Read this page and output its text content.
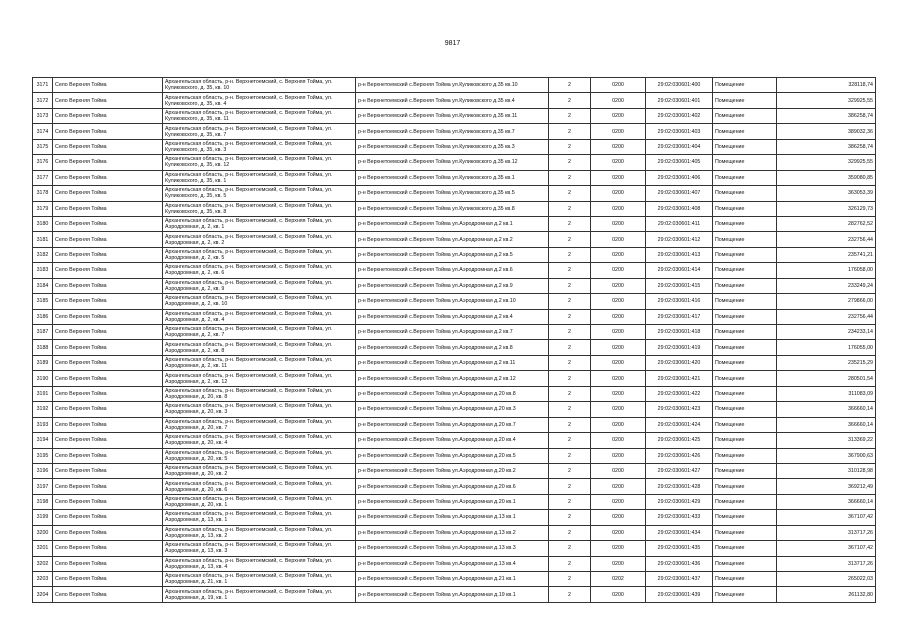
9817
3171	Село Верхняя Тойма	Архангельская область, р-н. Верхнетоемский, с. Верхняя Тойма, ул. Куликовского, д. 35, кв. 10	р-н Верхнетоемский с.Верхняя Тойма ул.Куликовского д.35 кв.10	2	0200	29:02:030601:400	Помещение	328118,74
3172	Село Верхняя Тойма	Архангельская область, р-н. Верхнетоемский, с. Верхняя Тойма, ул. Куликовского, д. 35, кв. 4	р-н Верхнетоемский с.Верхняя Тойма ул.Куликовского д.35 кв.4	2	0200	29:02:030601:401	Помещение	329925,55
3173	Село Верхняя Тойма	Архангельская область, р-н. Верхнетоемский, с. Верхняя Тойма, ул. Куликовского, д. 35, кв. 11	р-н Верхнетоемский с.Верхняя Тойма ул.Куликовского д.35 кв.11	2	0200	29:02:030601:402	Помещение	386258,74
3174	Село Верхняя Тойма	Архангельская область, р-н. Верхнетоемский, с. Верхняя Тойма, ул. Куликовского, д. 35, кв. 7	р-н Верхнетоемский с.Верхняя Тойма ул.Куликовского д.35 кв.7	2	0200	29:02:030601:403	Помещение	389032,36
3175	Село Верхняя Тойма	Архангельская область, р-н. Верхнетоемский, с. Верхняя Тойма, ул. Куликовского, д. 35, кв. 3	р-н Верхнетоемский с.Верхняя Тойма ул.Куликовского д.35 кв.3	2	0200	29:02:030601:404	Помещение	386258,74
3176	Село Верхняя Тойма	Архангельская область, р-н. Верхнетоемский, с. Верхняя Тойма, ул. Куликовского, д. 35, кв. 12	р-н Верхнетоемский с.Верхняя Тойма ул.Куликовского д.35 кв.12	2	0200	29:02:030601:405	Помещение	329925,55
3177	Село Верхняя Тойма	Архангельская область, р-н. Верхнетоемский, с. Верхняя Тойма, ул. Куликовского, д. 35, кв. 1	р-н Верхнетоемский с.Верхняя Тойма ул.Куликовского д.35 кв.1	2	0200	29:02:030601:406	Помещение	359080,85
3178	Село Верхняя Тойма	Архангельская область, р-н. Верхнетоемский, с. Верхняя Тойма, ул. Куликовского, д. 35, кв. 5	р-н Верхнетоемский с.Верхняя Тойма ул.Куликовского д.35 кв.5	2	0200	29:02:030601:407	Помещение	363053,39
3179	Село Верхняя Тойма	Архангельская область, р-н. Верхнетоемский, с. Верхняя Тойма, ул. Куликовского, д. 35, кв. 8	р-н Верхнетоемский с.Верхняя Тойма ул.Куликовского д.35 кв.8	2	0200	29:02:030601:408	Помещение	326129,73
3180	Село Верхняя Тойма	Архангельская область, р-н. Верхнетоемский, с. Верхняя Тойма, ул. Аэродромная, д. 2, кв. 1	р-н Верхнетоемский с.Верхняя Тойма ул.Аэродромная д.2 кв.1	2	0200	29:02:030601:411	Помещение	282762,52
3181	Село Верхняя Тойма	Архангельская область, р-н. Верхнетоемский, с. Верхняя Тойма, ул. Аэродромная, д. 2, кв. 2	р-н Верхнетоемский с.Верхняя Тойма ул.Аэродромная д.2 кв.2	2	0200	29:02:030601:412	Помещение	232756,44
3182	Село Верхняя Тойма	Архангельская область, р-н. Верхнетоемский, с. Верхняя Тойма, ул. Аэродромная, д. 2, кв. 5	р-н Верхнетоемский с.Верхняя Тойма ул.Аэродромная д.2 кв.5	2	0200	29:02:030601:413	Помещение	235741,21
3183	Село Верхняя Тойма	Архангельская область, р-н. Верхнетоемский, с. Верхняя Тойма, ул. Аэродромная, д. 2, кв. 6	р-н Верхнетоемский с.Верхняя Тойма ул.Аэродромная д.2 кв.6	2	0200	29:02:030601:414	Помещение	176058,00
3184	Село Верхняя Тойма	Архангельская область, р-н. Верхнетоемский, с. Верхняя Тойма, ул. Аэродромная, д. 2, кв. 9	р-н Верхнетоемский с.Верхняя Тойма ул.Аэродромная д.2 кв.9	2	0200	29:02:030601:415	Помещение	233249,24
3185	Село Верхняя Тойма	Архангельская область, р-н. Верхнетоемский, с. Верхняя Тойма, ул. Аэродромная, д. 2, кв. 10	р-н Верхнетоемский с.Верхняя Тойма ул.Аэродромная д.2 кв.10	2	0200	29:02:030601:416	Помещение	279866,00
3186	Село Верхняя Тойма	Архангельская область, р-н. Верхнетоемский, с. Верхняя Тойма, ул. Аэродромная, д. 2, кв. 4	р-н Верхнетоемский с.Верхняя Тойма ул.Аэродромная д.2 кв.4	2	0200	29:02:030601:417	Помещение	232756,44
3187	Село Верхняя Тойма	Архангельская область, р-н. Верхнетоемский, с. Верхняя Тойма, ул. Аэродромная, д. 2, кв. 7	р-н Верхнетоемский с.Верхняя Тойма ул.Аэродромная д.2 кв.7	2	0200	29:02:030601:418	Помещение	234233,14
3188	Село Верхняя Тойма	Архангельская область, р-н. Верхнетоемский, с. Верхняя Тойма, ул. Аэродромная, д. 2, кв. 8	р-н Верхнетоемский с.Верхняя Тойма ул.Аэродромная д.2 кв.8	2	0200	29:02:030601:419	Помещение	176055,00
3189	Село Верхняя Тойма	Архангельская область, р-н. Верхнетоемский, с. Верхняя Тойма, ул. Аэродромная, д. 2, кв. 11	р-н Верхнетоемский с.Верхняя Тойма ул.Аэродромная д.2 кв.11	2	0200	29:02:030601:420	Помещение	235215,29
3190	Село Верхняя Тойма	Архангельская область, р-н. Верхнетоемский, с. Верхняя Тойма, ул. Аэродромная, д. 2, кв. 12	р-н Верхнетоемский с.Верхняя Тойма ул.Аэродромная д.2 кв.12	2	0200	29:02:030601:421	Помещение	280501,54
3191	Село Верхняя Тойма	Архангельская область, р-н. Верхнетоемский, с. Верхняя Тойма, ул. Аэродромная, д. 20, кв. 8	р-н Верхнетоемский с.Верхняя Тойма ул.Аэродромная д.20 кв.8	2	0200	29:02:030601:422	Помещение	311083,09
3192	Село Верхняя Тойма	Архангельская область, р-н. Верхнетоемский, с. Верхняя Тойма, ул. Аэродромная, д. 20, кв. 3	р-н Верхнетоемский с.Верхняя Тойма ул.Аэродромная д.20 кв.3	2	0200	29:02:030601:423	Помещение	366660,14
3193	Село Верхняя Тойма	Архангельская область, р-н. Верхнетоемский, с. Верхняя Тойма, ул. Аэродромная, д. 20, кв. 7	р-н Верхнетоемский с.Верхняя Тойма ул.Аэродромная д.20 кв.7	2	0200	29:02:030601:424	Помещение	366660,14
3194	Село Верхняя Тойма	Архангельская область, р-н. Верхнетоемский, с. Верхняя Тойма, ул. Аэродромная, д. 20, кв. 4	р-н Верхнетоемский с.Верхняя Тойма ул.Аэродромная д.20 кв.4	2	0200	29:02:030601:425	Помещение	313369,22
3195	Село Верхняя Тойма	Архангельская область, р-н. Верхнетоемский, с. Верхняя Тойма, ул. Аэродромная, д. 20, кв. 5	р-н Верхнетоемский с.Верхняя Тойма ул.Аэродромная д.20 кв.5	2	0200	29:02:030601:426	Помещение	367900,63
3196	Село Верхняя Тойма	Архангельская область, р-н. Верхнетоемский, с. Верхняя Тойма, ул. Аэродромная, д. 20, кв. 2	р-н Верхнетоемский с.Верхняя Тойма ул.Аэродромная д.20 кв.2	2	0200	29:02:030601:427	Помещение	310128,98
3197	Село Верхняя Тойма	Архангельская область, р-н. Верхнетоемский, с. Верхняя Тойма, ул. Аэродромная, д. 20, кв. 6	р-н Верхнетоемский с.Верхняя Тойма ул.Аэродромная д.20 кв.6	2	0200	29:02:030601:428	Помещение	369212,49
3198	Село Верхняя Тойма	Архангельская область, р-н. Верхнетоемский, с. Верхняя Тойма, ул. Аэродромная, д. 20, кв. 1	р-н Верхнетоемский с.Верхняя Тойма ул.Аэродромная д.20 кв.1	2	0200	29:02:030601:429	Помещение	366660,14
3199	Село Верхняя Тойма	Архангельская область, р-н. Верхнетоемский, с. Верхняя Тойма, ул. Аэродромная, д. 13, кв. 1	р-н Верхнетоемский с.Верхняя Тойма ул.Аэродромная д.13 кв.1	2	0200	29:02:030601:433	Помещение	367107,42
3200	Село Верхняя Тойма	Архангельская область, р-н. Верхнетоемский, с. Верхняя Тойма, ул. Аэродромная, д. 13, кв. 2	р-н Верхнетоемский с.Верхняя Тойма ул.Аэродромная д.13 кв.2	2	0200	29:02:030601:434	Помещение	313717,26
3201	Село Верхняя Тойма	Архангельская область, р-н. Верхнетоемский, с. Верхняя Тойма, ул. Аэродромная, д. 13, кв. 3	р-н Верхнетоемский с.Верхняя Тойма ул.Аэродромная д.13 кв.3	2	0200	29:02:030601:435	Помещение	367107,42
3202	Село Верхняя Тойма	Архангельская область, р-н. Верхнетоемский, с. Верхняя Тойма, ул. Аэродромная, д. 13, кв. 4	р-н Верхнетоемский с.Верхняя Тойма ул.Аэродромная д.13 кв.4	2	0200	29:02:030601:436	Помещение	313717,26
3203	Село Верхняя Тойма	Архангельская область, р-н. Верхнетоемский, с. Верхняя Тойма, ул. Аэродромная, д. 21, кв. 1	р-н Верхнетоемский с.Верхняя Тойма ул.Аэродромная д.21 кв.1	2	0202	29:02:030601:437	Помещение	265022,03
3204	Село Верхняя Тойма	Архангельская область, р-н. Верхнетоемский, с. Верхняя Тойма, ул. Аэродромная, д. 19, кв. 1	р-н Верхнетоемский с.Верхняя Тойма ул.Аэродромная д.19 кв.1	2	0200	29:02:030601:439	Помещение	261132,80
